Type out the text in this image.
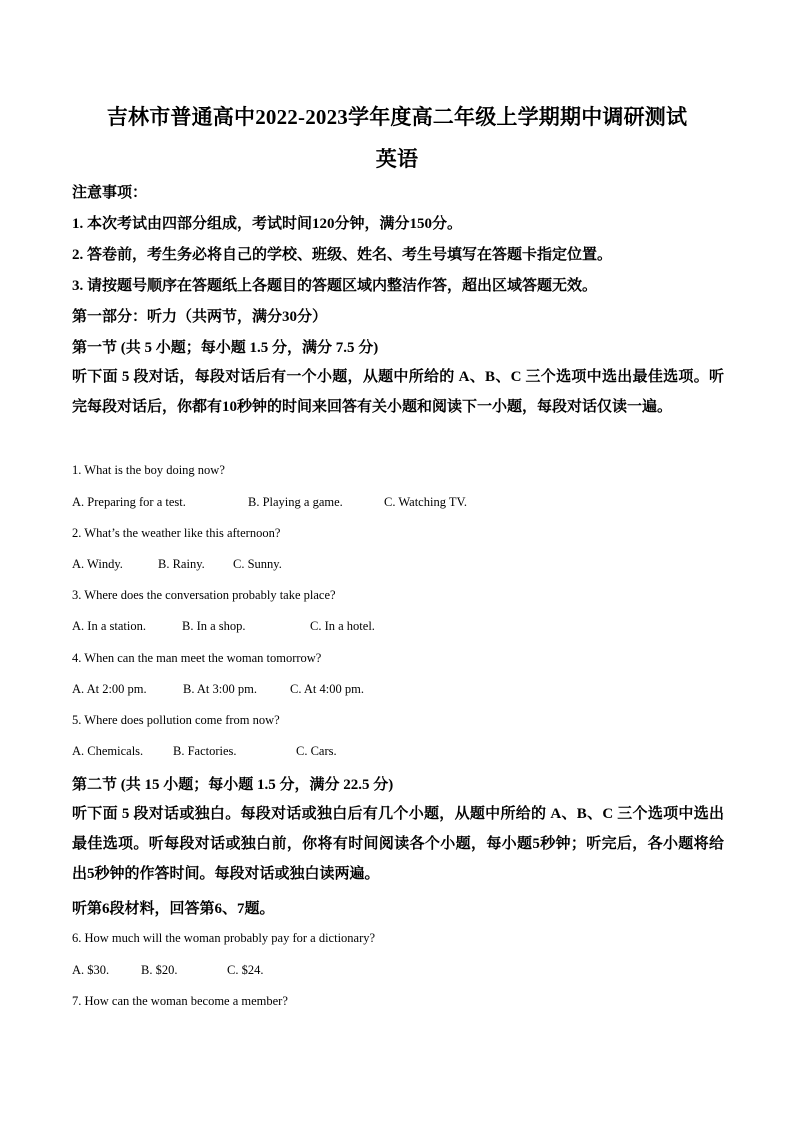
吉林市普通高中2022-2023学年度高二年级上学期期中调研测试
英语
注意事项：
1. 本次考试由四部分组成，考试时间120分钟，满分150分。
2. 答卷前，考生务必将自己的学校、班级、姓名、考生号填写在答题卡指定位置。
3. 请按题号顺序在答题纸上各题目的答题区域内整洁作答，超出区域答题无效。
第一部分：听力（共两节，满分30分）
第一节 (共 5 小题；每小题 1.5 分，满分 7.5 分)
听下面 5 段对话，每段对话后有一个小题，从题中所给的 A、B、C 三个选项中选出最佳选项。听完每段对话后，你都有10秒钟的时间来回答有关小题和阅读下一小题，每段对话仅读一遍。
1. What is the boy doing now?
A. Preparing for a test.	B. Playing a game.	C. Watching TV.
2. What’s the weather like this afternoon?
A. Windy.	B. Rainy. C. Sunny.
3. Where does the conversation probably take place?
A. In a station.	B. In a shop.	C. In a hotel.
4. When can the man meet the woman tomorrow?
A. At 2:00 pm.	B. At 3:00 pm.	C. At 4:00 pm.
5. Where does pollution come from now?
A. Chemicals. B. Factories.	C. Cars.
第二节 (共 15 小题；每小题 1.5 分，满分 22.5 分)
听下面 5 段对话或独白。每段对话或独白后有几个小题，从题中所给的 A、B、C 三个选项中选出最佳选项。听每段对话或独白前，你将有时间阅读各个小题，每小题5秒钟；听完后，各小题将给出5秒钟的作答时间。每段对话或独白读两遍。
听第6段材料，回答第6、7题。
6. How much will the woman probably pay for a dictionary?
A. $30.	B. $20.	C. $24.
7. How can the woman become a member?
